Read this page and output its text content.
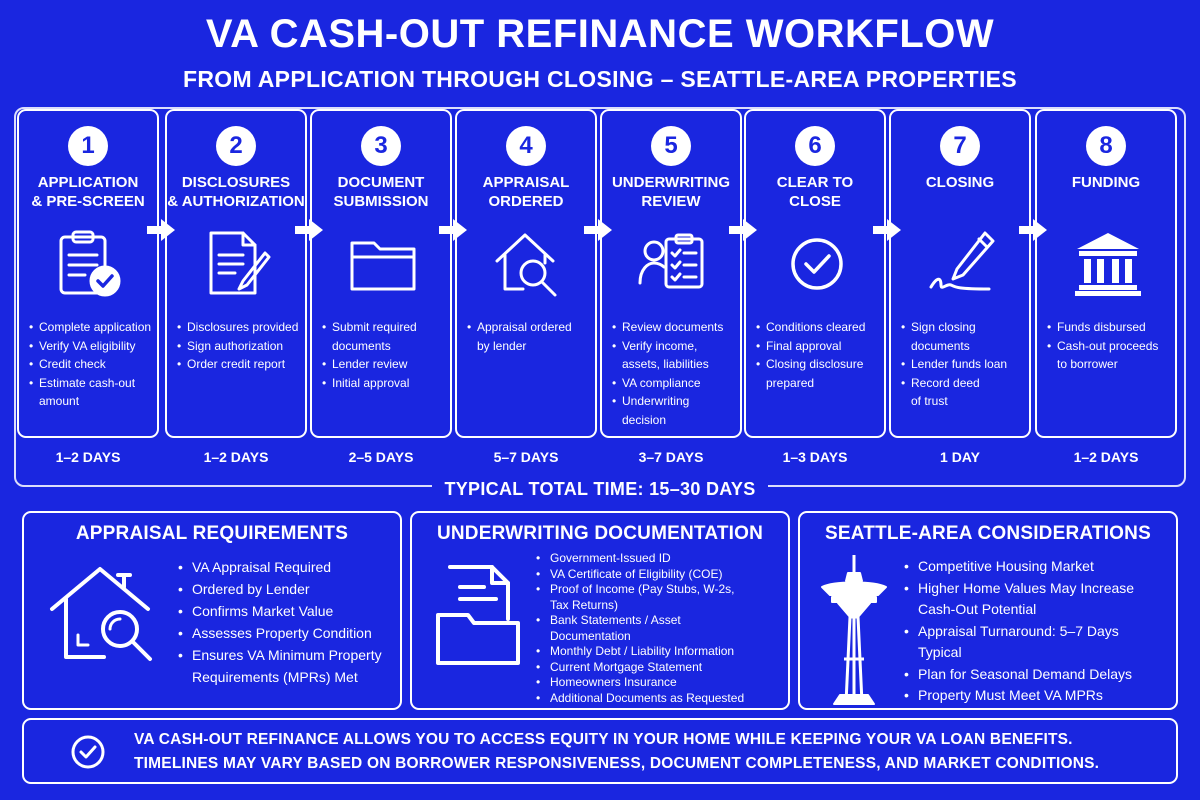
VA CASH-OUT REFINANCE WORKFLOW
FROM APPLICATION THROUGH CLOSING – SEATTLE-AREA PROPERTIES
1
APPLICATION
& PRE-SCREEN
• Complete application
• Verify VA eligibility
• Credit check
• Estimate cash-out
amount
2
DISCLOSURES
& AUTHORIZATION
• Disclosures provided
• Sign authorization
• Order credit report
3
DOCUMENT
SUBMISSION
• Submit required
documents
• Lender review
• Initial approval
4
APPRAISAL
ORDERED
• Appraisal ordered
by lender
5
UNDERWRITING
REVIEW
• Review documents
• Verify income,
assets, liabilities
• VA compliance
• Underwriting
decision
6
CLEAR TO
CLOSE
• Conditions cleared
• Final approval
• Closing disclosure
prepared
7
CLOSING
• Sign closing
documents
• Lender funds loan
• Record deed
of trust
8
FUNDING
• Funds disbursed
• Cash-out proceeds
to borrower
1–2 DAYS	1–2 DAYS	2–5 DAYS	5–7 DAYS	3–7 DAYS	1–3 DAYS	1 DAY	1–2 DAYS
TYPICAL TOTAL TIME: 15–30 DAYS
APPRAISAL REQUIREMENTS
• VA Appraisal Required
• Ordered by Lender
• Confirms Market Value
• Assesses Property Condition
• Ensures VA Minimum Property
Requirements (MPRs) Met
UNDERWRITING DOCUMENTATION
• Government-Issued ID
• VA Certificate of Eligibility (COE)
• Proof of Income (Pay Stubs, W-2s,
Tax Returns)
• Bank Statements / Asset
Documentation
• Monthly Debt / Liability Information
• Current Mortgage Statement
• Homeowners Insurance
• Additional Documents as Requested
SEATTLE-AREA CONSIDERATIONS
• Competitive Housing Market
• Higher Home Values May Increase
Cash-Out Potential
• Appraisal Turnaround: 5–7 Days
Typical
• Plan for Seasonal Demand Delays
• Property Must Meet VA MPRs
VA CASH-OUT REFINANCE ALLOWS YOU TO ACCESS EQUITY IN YOUR HOME WHILE KEEPING YOUR VA LOAN BENEFITS.
TIMELINES MAY VARY BASED ON BORROWER RESPONSIVENESS, DOCUMENT COMPLETENESS, AND MARKET CONDITIONS.
